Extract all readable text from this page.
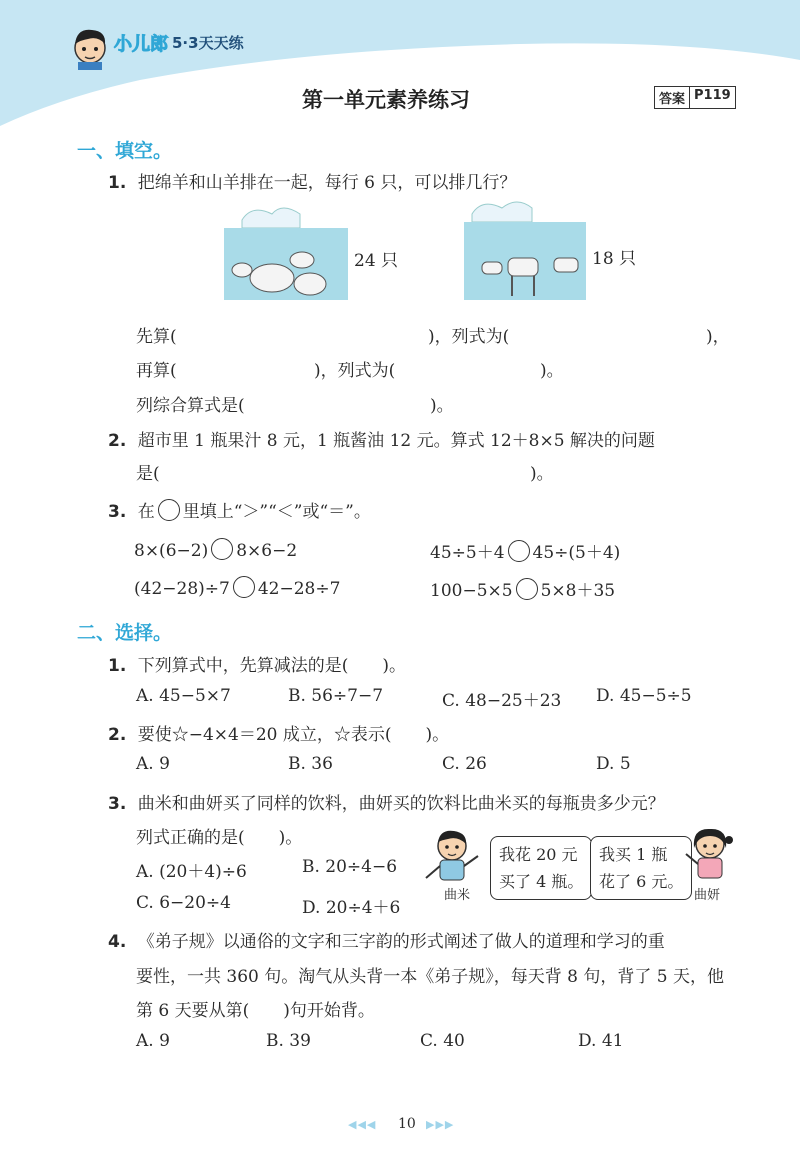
小儿郎 5·3天天练
第一单元素养练习	答案 P119
一、填空。
1. 把绵羊和山羊排在一起，每行 6 只，可以排几行？
24 只	18 只
先算(	)，列式为(	)，
再算(	)，列式为(	)。
列综合算式是(	)。
2. 超市里 1 瓶果汁 8 元，1 瓶酱油 12 元。算式 12＋8×5 解决的问题
是(	)。
3. 在 里填上“＞”“＜”或“＝”。
8×(6−2) 8×6−2	45÷5＋4 45÷(5＋4)
(42−28)÷7 42−28÷7	100−5×5 5×8＋35
二、选择。
1. 下列算式中，先算减法的是(　　)。
A. 45−5×7	B. 56÷7−7	C. 48−25＋23 D. 45−5÷5
2. 要使☆−4×4＝20 成立，☆表示(　　)。
A. 9	B. 36	C. 26	D. 5
3. 曲米和曲妍买了同样的饮料，曲妍买的饮料比曲米买的每瓶贵多少元？
列式正确的是(　　)。
A. (20＋4)÷6	B. 20÷4−6
C. 6−20÷4	D. 20÷4＋6
曲米
我花 20 元
买了 4 瓶。
我买 1 瓶
花了 6 元。
曲妍
4. 《弟子规》以通俗的文字和三字韵的形式阐述了做人的道理和学习的重
要性，一共 360 句。淘气从头背一本《弟子规》，每天背 8 句，背了 5 天，他
第 6 天要从第(　　)句开始背。
A. 9	B. 39	C. 40	D. 41
◀◀◀ 10 ▶▶▶
